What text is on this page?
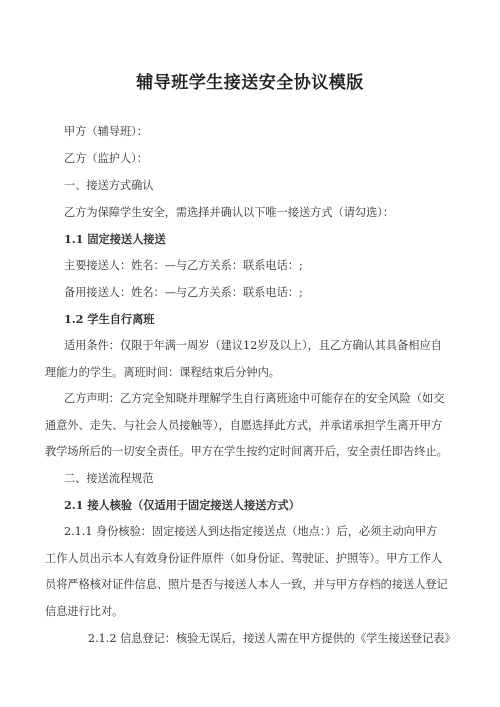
辅导班学生接送安全协议模版
甲方（辅导班）：
乙方（监护人）：
一、接送方式确认
乙方为保障学生安全，需选择并确认以下唯一接送方式（请勾选）：
1.1 固定接送人接送
主要接送人：姓名：—与乙方关系：联系电话：;
备用接送人：姓名：—与乙方关系：联系电话：;
1.2 学生自行离班
适用条件：仅限于年满一周岁（建议12岁及以上），且乙方确认其具备相应自
理能力的学生。离班时间：课程结束后分钟内。
乙方声明：乙方完全知晓并理解学生自行离班途中可能存在的安全风险（如交
通意外、走失、与社会人员接触等），自愿选择此方式，并承诺承担学生离开甲方
教学场所后的一切安全责任。甲方在学生按约定时间离开后，安全责任即告终止。
二、接送流程规范
2.1 接人核验（仅适用于固定接送人接送方式）
2.1.1 身份核验：固定接送人到达指定接送点（地点：）后，必须主动向甲方
工作人员出示本人有效身份证件原件（如身份证、驾驶证、护照等）。甲方工作人
员将严格核对证件信息、照片是否与接送人本人一致，并与甲方存档的接送人登记
信息进行比对。
2.1.2 信息登记：核验无误后，接送人需在甲方提供的《学生接送登记表》
